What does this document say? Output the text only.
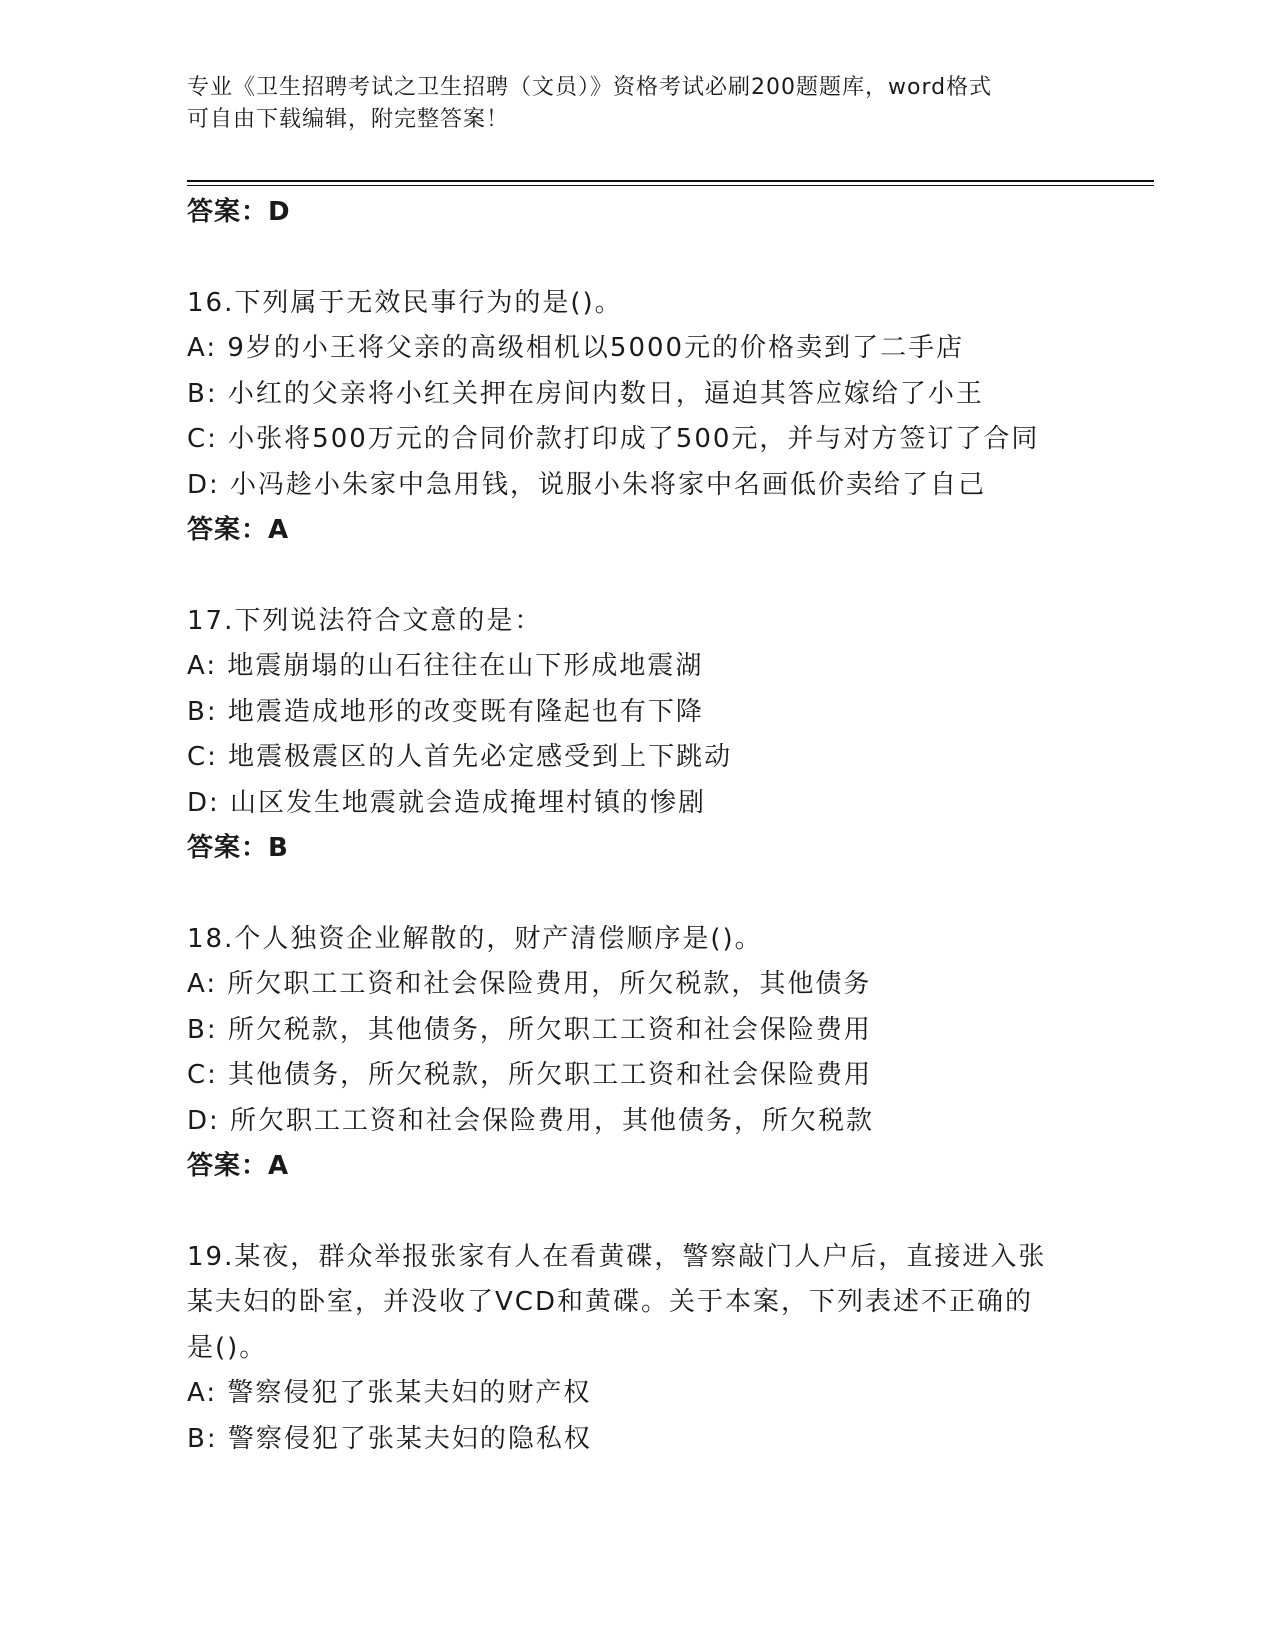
专业《卫生招聘考试之卫生招聘（文员）》资格考试必刷200题题库，word格式
可自由下载编辑，附完整答案！
答案：D
16.下列属于无效民事行为的是()。
A: 9岁的小王将父亲的高级相机以5000元的价格卖到了二手店
B: 小红的父亲将小红关押在房间内数日，逼迫其答应嫁给了小王
C: 小张将500万元的合同价款打印成了500元，并与对方签订了合同
D: 小冯趁小朱家中急用钱，说服小朱将家中名画低价卖给了自己
答案：A
17.下列说法符合文意的是：
A: 地震崩塌的山石往往在山下形成地震湖
B: 地震造成地形的改变既有隆起也有下降
C: 地震极震区的人首先必定感受到上下跳动
D: 山区发生地震就会造成掩埋村镇的惨剧
答案：B
18.个人独资企业解散的，财产清偿顺序是()。
A: 所欠职工工资和社会保险费用，所欠税款，其他债务
B: 所欠税款，其他债务，所欠职工工资和社会保险费用
C: 其他债务，所欠税款，所欠职工工资和社会保险费用
D: 所欠职工工资和社会保险费用，其他债务，所欠税款
答案：A
19.某夜，群众举报张家有人在看黄碟，警察敲门人户后，直接进入张
某夫妇的卧室，并没收了VCD和黄碟。关于本案，下列表述不正确的
是()。
A: 警察侵犯了张某夫妇的财产权
B: 警察侵犯了张某夫妇的隐私权
